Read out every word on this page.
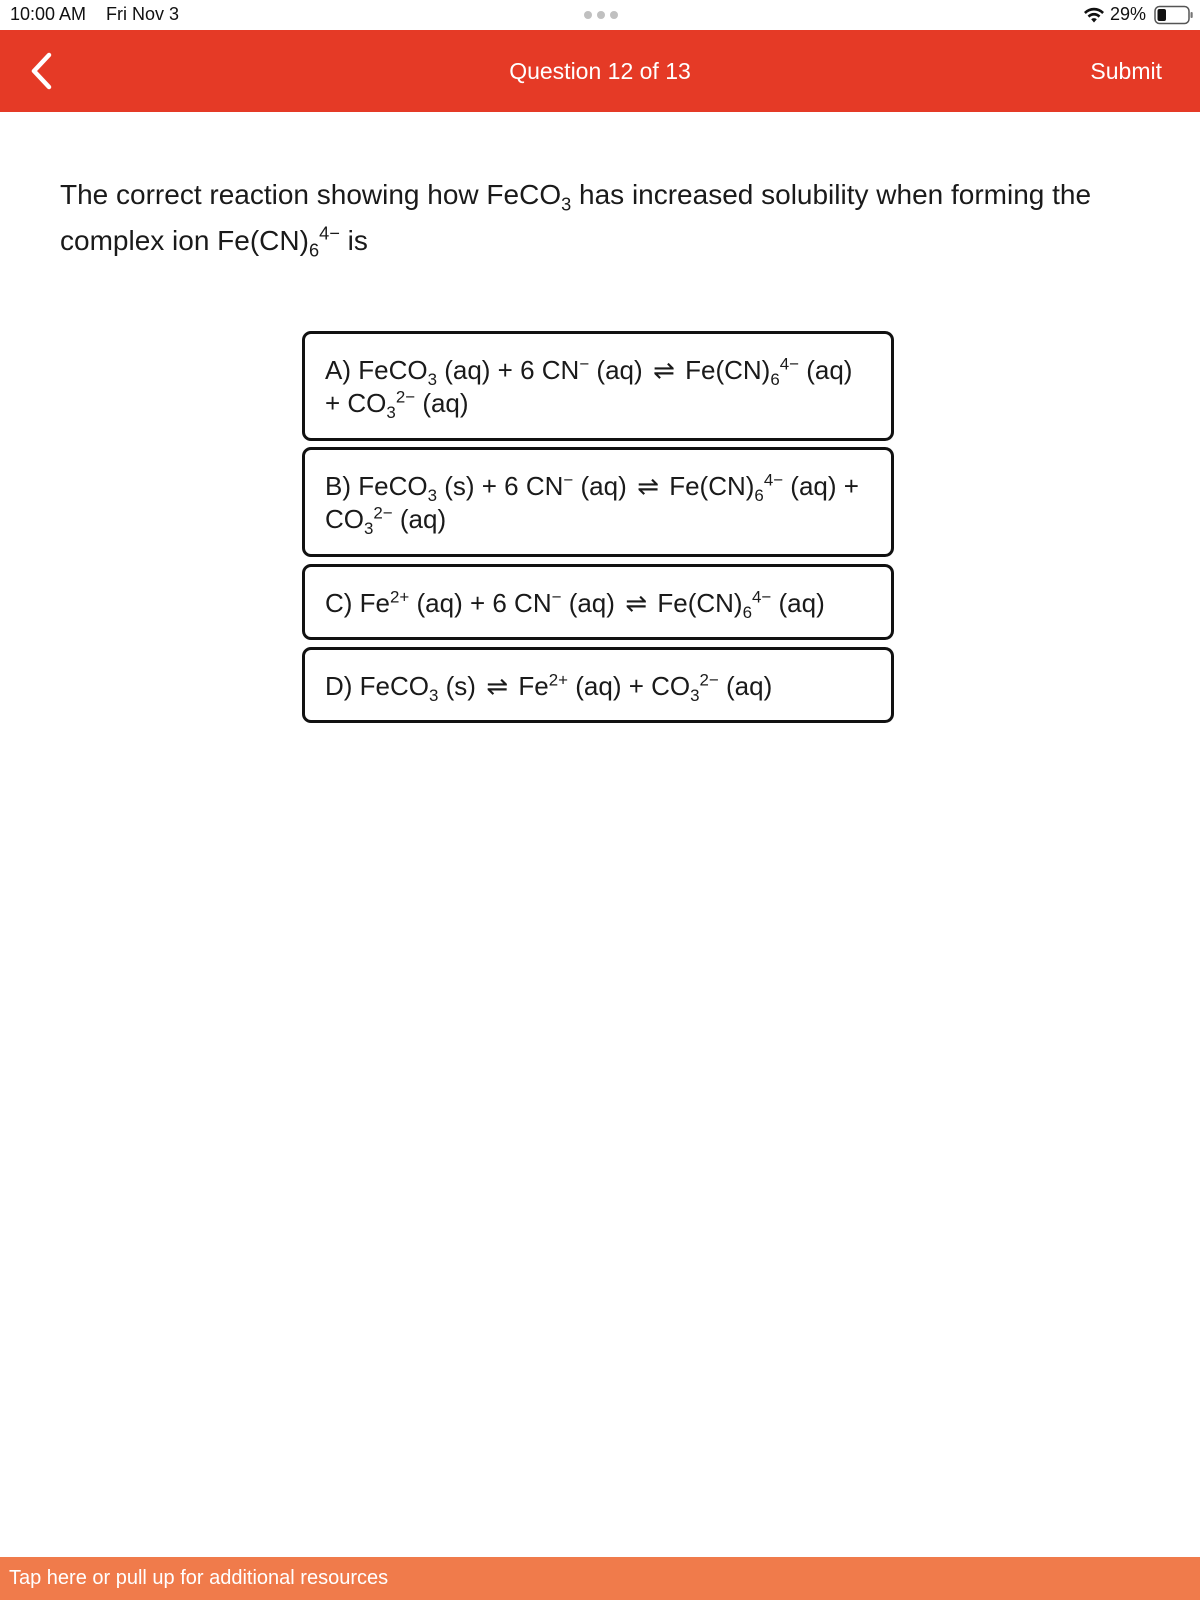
10:00 AM Fri Nov 3	29%
Question 12 of 13	Submit
The correct reaction showing how FeCO$_3$ has increased solubility when forming the complex ion $Fe(CN)_6^{4-}$ is
A) FeCO$_3$ (aq) + 6 CN− (aq) ⇌ $Fe(CN)_6^{4-}$ $(aq) + CO_3^{2-}$ (aq)
B) FeCO$_3$ (s) + 6 CN− (aq) ⇌ $Fe(CN)_6^{4-}$ $(aq) + CO_3^{2-}$ (aq)
C) $Fe^{2+}$ (aq) + 6 CN− (aq) ⇌ $Fe(CN)_6^{4-}$ (aq)
D) FeCO$_3$ (s) ⇌ $Fe^{2+}$ $(aq) + CO_3^{2-}$ (aq)
Tap here or pull up for additional resources
